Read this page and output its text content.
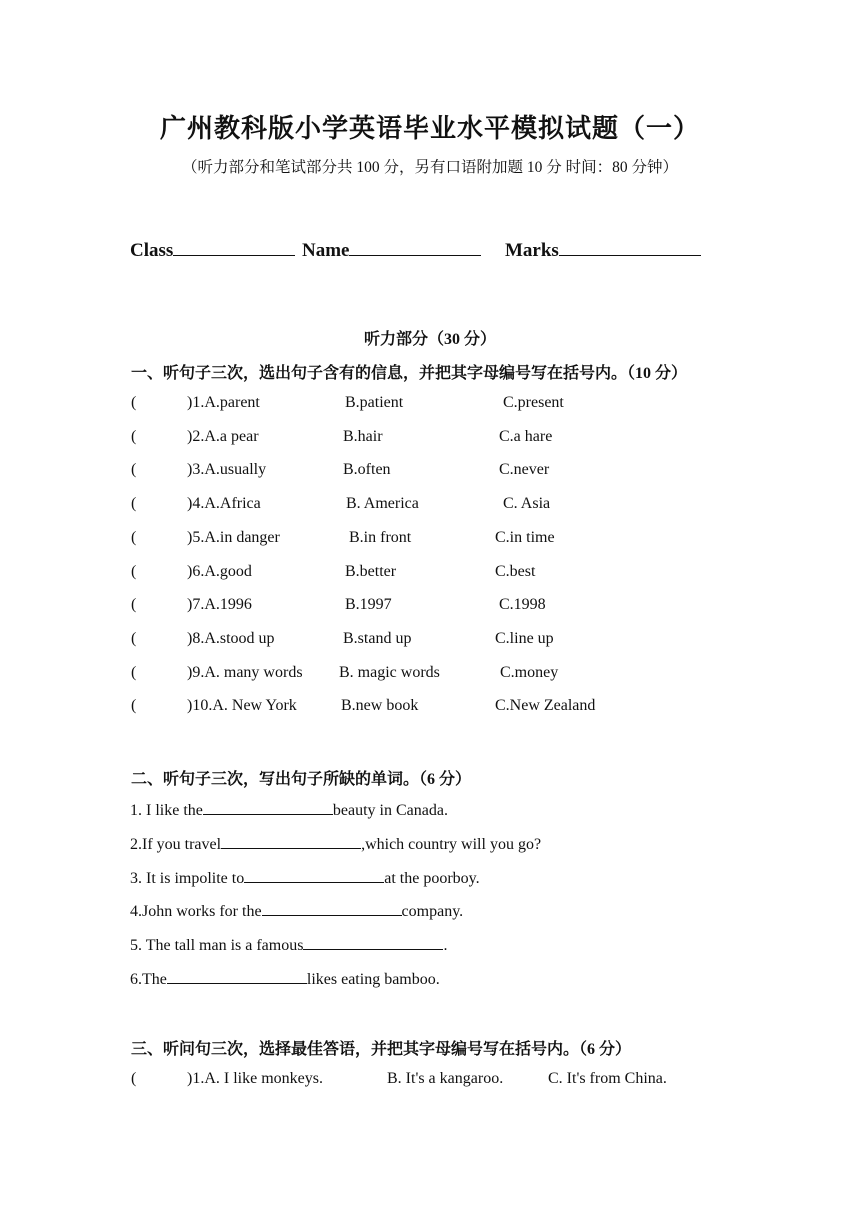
广州教科版小学英语毕业水平模拟试题（一）
（听力部分和笔试部分共 100 分，另有口语附加题 10 分 时间：80 分钟）
Class	Name	Marks
听力部分（30 分）
一、听句子三次，选出句子含有的信息，并把其字母编号写在括号内。（10 分）
(	)1.A.parent	B.patient	C.present
(	)2.A.a pear	B.hair	C.a hare
(	)3.A.usually	B.often	C.never
(	)4.A.Africa	B. America	C. Asia
(	)5.A.in danger	B.in front	C.in time
(	)6.A.good	B.better	C.best
(	)7.A.1996	B.1997	C.1998
(	)8.A.stood up	B.stand up	C.line up
(	)9.A. many words B. magic words	C.money
(	)10.A. New York	B.new book	C.New Zealand
二、听句子三次，写出句子所缺的单词。（6 分）
1. I like the	beauty in Canada.
2.If you travel	,which country will you go?
3. It is impolite to	at the poorboy.
4.John works for the	company.
5. The tall man is a famous	.
6.The	likes eating bamboo.
三、听问句三次，选择最佳答语，并把其字母编号写在括号内。（6 分）
(	)1.A. I like monkeys.	B. It's a kangaroo.	C. It's from China.
